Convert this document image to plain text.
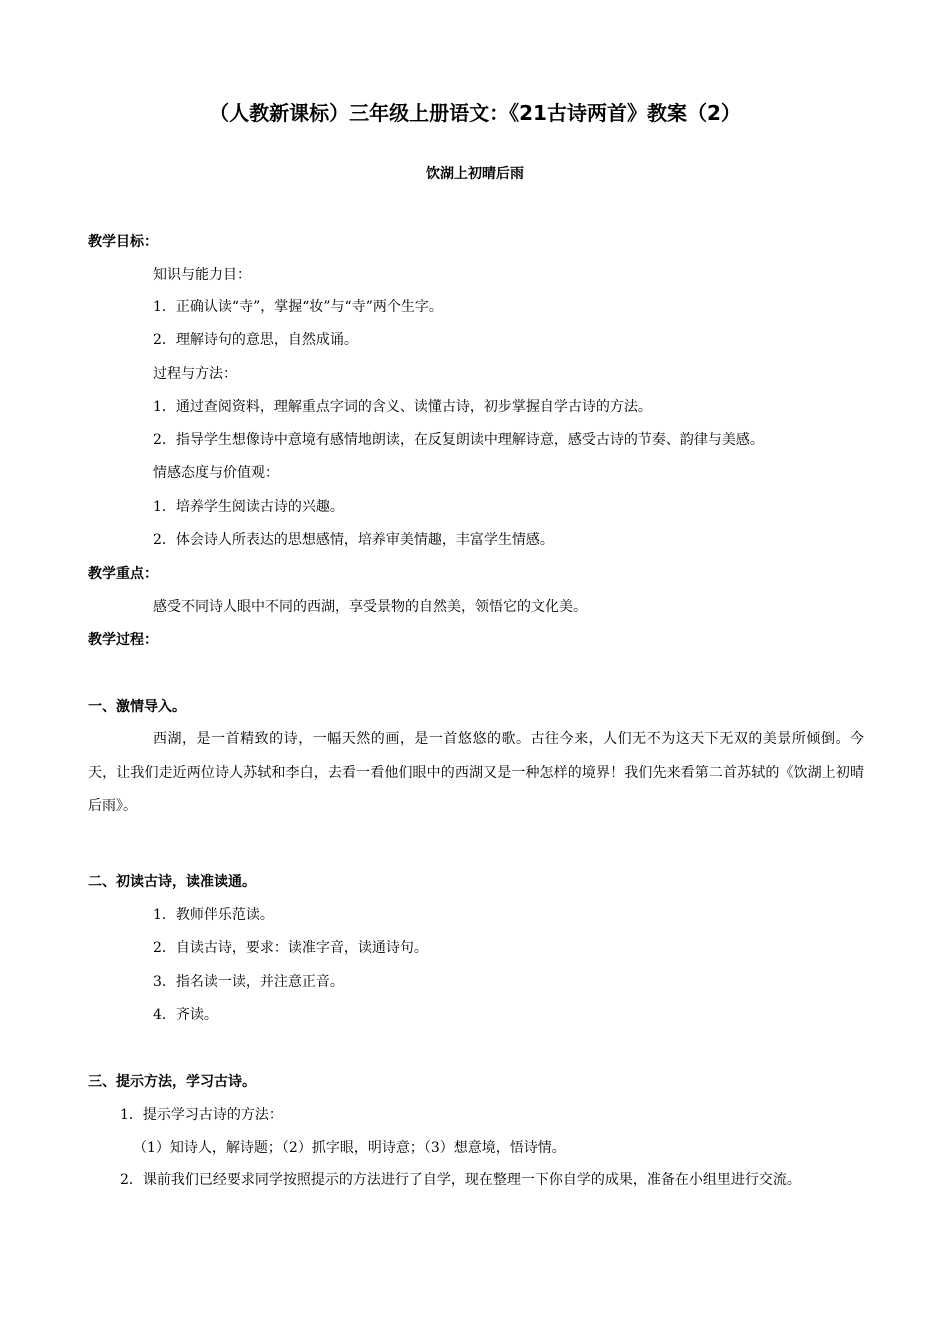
（人教新课标）三年级上册语文：《21古诗两首》教案（2）
饮湖上初晴后雨
教学目标：
知识与能力目：
1．正确认读“寺”，掌握“妆”与“寺”两个生字。
2．理解诗句的意思，自然成诵。
过程与方法：
1．通过查阅资料，理解重点字词的含义、读懂古诗，初步掌握自学古诗的方法。
2．指导学生想像诗中意境有感情地朗读，在反复朗读中理解诗意，感受古诗的节奏、韵律与美感。
情感态度与价值观：
1．培养学生阅读古诗的兴趣。
2．体会诗人所表达的思想感情，培养审美情趣，丰富学生情感。
教学重点：
感受不同诗人眼中不同的西湖，享受景物的自然美，领悟它的文化美。
教学过程：
一、激情导入。
西湖，是一首精致的诗，一幅天然的画，是一首悠悠的歌。古往今来，人们无不为这天下无双的美景所倾倒。今天，让我们走近两位诗人苏轼和李白，去看一看他们眼中的西湖又是一种怎样的境界！我们先来看第二首苏轼的《饮湖上初晴后雨》。
二、初读古诗，读准读通。
1．教师伴乐范读。
2．自读古诗，要求：读准字音，读通诗句。
3．指名读一读，并注意正音。
4．齐读。
三、提示方法，学习古诗。
1．提示学习古诗的方法：
（1）知诗人，解诗题；（2）抓字眼，明诗意；（3）想意境，悟诗情。
2．课前我们已经要求同学按照提示的方法进行了自学，现在整理一下你自学的成果，准备在小组里进行交流。
